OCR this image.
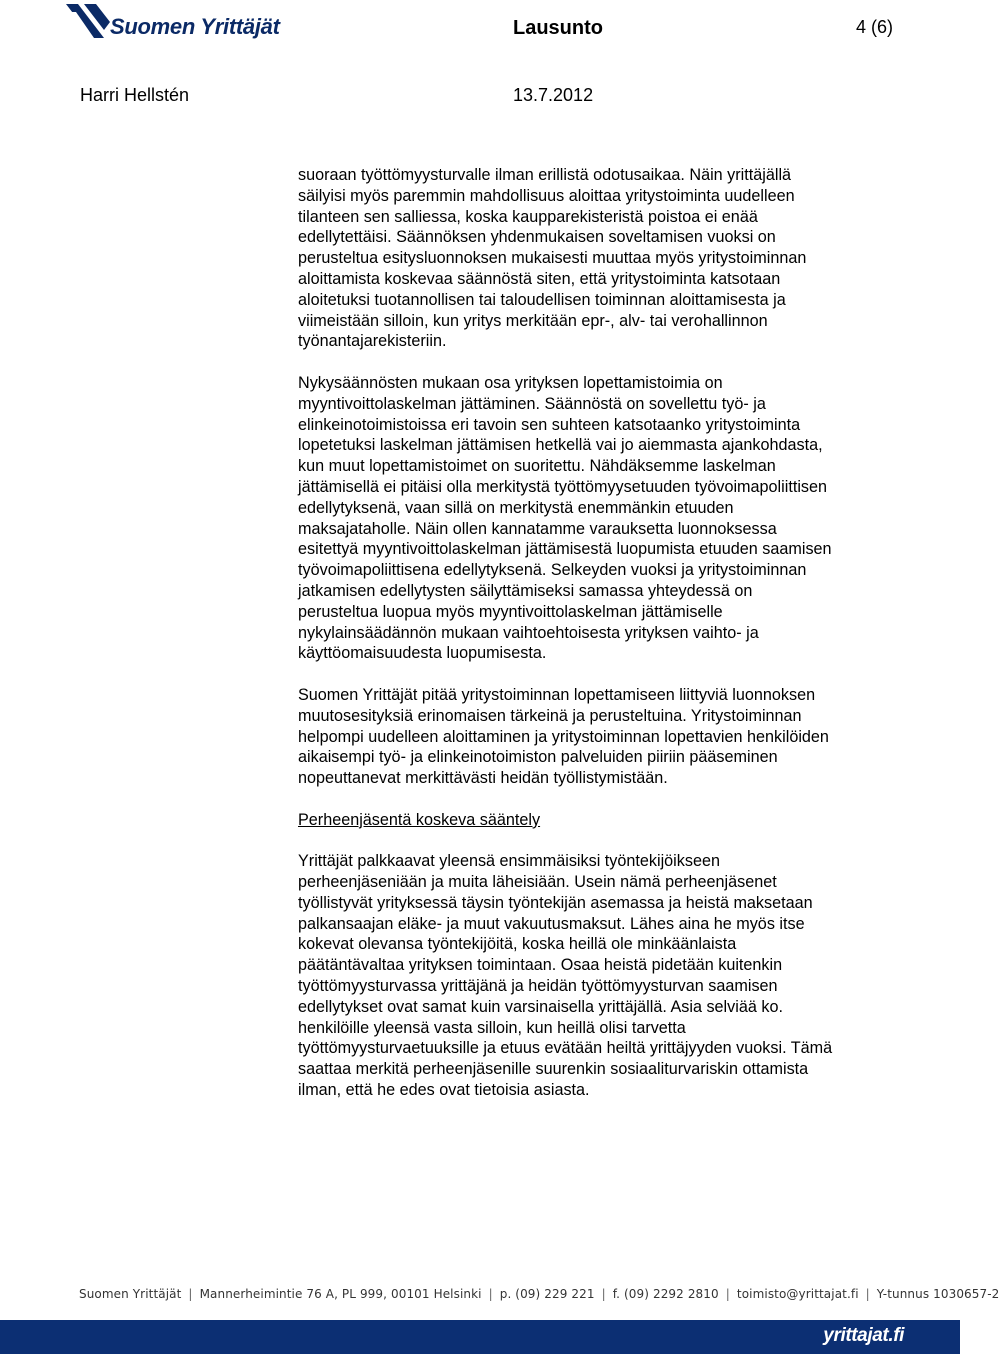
Suomen Yrittäjät	Lausunto	4 (6)
Harri Hellstén	13.7.2012

suoraan työttömyysturvalle ilman erillistä odotusaikaa. Näin yrittäjällä
säilyisi myös paremmin mahdollisuus aloittaa yritystoiminta uudelleen
tilanteen sen salliessa, koska kaupparekisteristä poistoa ei enää
edellytettäisi. Säännöksen yhdenmukaisen soveltamisen vuoksi on
perusteltua esitysluonnoksen mukaisesti muuttaa myös yritystoiminnan
aloittamista koskevaa säännöstä siten, että yritystoiminta katsotaan
aloitetuksi tuotannollisen tai taloudellisen toiminnan aloittamisesta ja
viimeistään silloin, kun yritys merkitään epr-, alv- tai verohallinnon
työnantajarekisteriin.

Nykysäännösten mukaan osa yrityksen lopettamistoimia on
myyntivoittolaskelman jättäminen. Säännöstä on sovellettu työ- ja
elinkeinotoimistoissa eri tavoin sen suhteen katsotaanko yritystoiminta
lopetetuksi laskelman jättämisen hetkellä vai jo aiemmasta ajankohdasta,
kun muut lopettamistoimet on suoritettu. Nähdäksemme laskelman
jättämisellä ei pitäisi olla merkitystä työttömyysetuuden työvoimapoliittisen
edellytyksenä, vaan sillä on merkitystä enemmänkin etuuden
maksajataholle. Näin ollen kannatamme varauksetta luonnoksessa
esitettyä myyntivoittolaskelman jättämisestä luopumista etuuden saamisen
työvoimapoliittisena edellytyksenä. Selkeyden vuoksi ja yritystoiminnan
jatkamisen edellytysten säilyttämiseksi samassa yhteydessä on
perusteltua luopua myös myyntivoittolaskelman jättämiselle
nykylainsäädännön mukaan vaihtoehtoisesta yrityksen vaihto- ja
käyttöomaisuudesta luopumisesta.

Suomen Yrittäjät pitää yritystoiminnan lopettamiseen liittyviä luonnoksen
muutosesityksiä erinomaisen tärkeinä ja perusteltuina. Yritystoiminnan
helpompi uudelleen aloittaminen ja yritystoiminnan lopettavien henkilöiden
aikaisempi työ- ja elinkeinotoimiston palveluiden piiriin pääseminen
nopeuttanevat merkittävästi heidän työllistymistään.

Perheenjäsentä koskeva sääntely

Yrittäjät palkkaavat yleensä ensimmäisiksi työntekijöikseen
perheenjäseniään ja muita läheisiään. Usein nämä perheenjäsenet
työllistyvät yrityksessä täysin työntekijän asemassa ja heistä maksetaan
palkansaajan eläke- ja muut vakuutusmaksut. Lähes aina he myös itse
kokevat olevansa työntekijöitä, koska heillä ole minkäänlaista
päätäntävaltaa yrityksen toimintaan. Osaa heistä pidetään kuitenkin
työttömyysturvassa yrittäjänä ja heidän työttömyysturvan saamisen
edellytykset ovat samat kuin varsinaisella yrittäjällä. Asia selviää ko.
henkilöille yleensä vasta silloin, kun heillä olisi tarvetta
työttömyysturvaetuuksille ja etuus evätään heiltä yrittäjyyden vuoksi. Tämä
saattaa merkitä perheenjäsenille suurenkin sosiaaliturvariskin ottamista
ilman, että he edes ovat tietoisia asiasta.

Suomen Yrittäjät | Mannerheimintie 76 A, PL 999, 00101 Helsinki | p. (09) 229 221 | f. (09) 2292 2810 | toimisto@yrittajat.fi | Y-tunnus 1030657-2
yrittajat.fi
